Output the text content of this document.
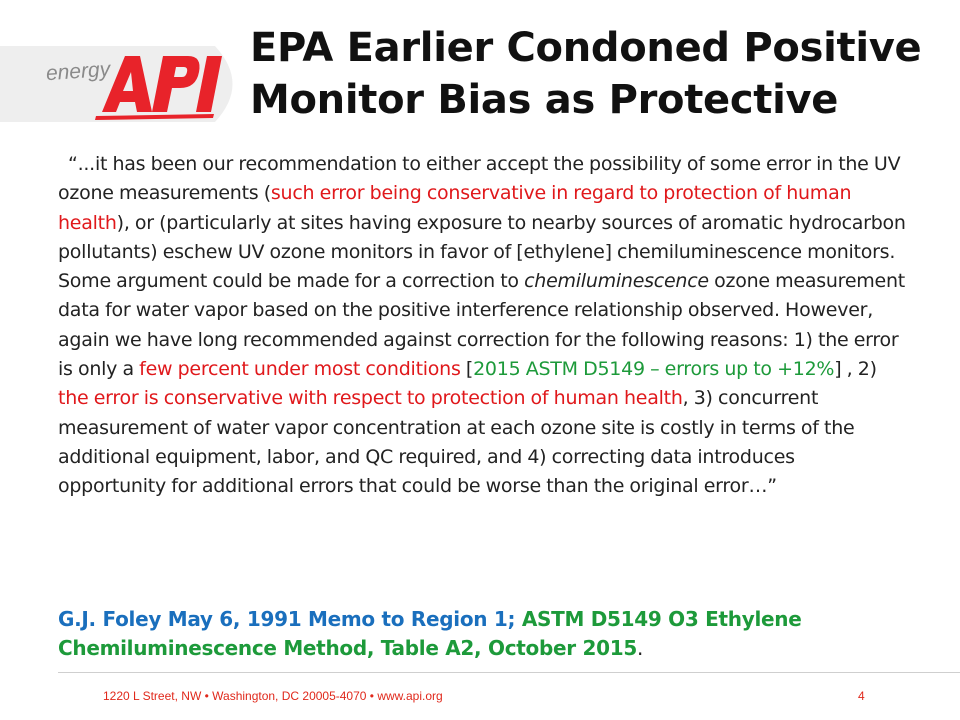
energy
EPA Earlier Condoned Positive
Monitor Bias as Protective

“...it has been our recommendation to either accept the possibility of some error in the UV ozone measurements (such error being conservative in regard to protection of human health), or (particularly at sites having exposure to nearby sources of aromatic hydrocarbon pollutants) eschew UV ozone monitors in favor of [ethylene] chemiluminescence monitors. Some argument could be made for a correction to chemiluminescence ozone measurement data for water vapor based on the positive interference relationship observed. However, again we have long recommended against correction for the following reasons: 1) the error is only a few percent under most conditions [2015 ASTM D5149 – errors up to +12%] , 2) the error is conservative with respect to protection of human health, 3) concurrent measurement of water vapor concentration at each ozone site is costly in terms of the additional equipment, labor, and QC required, and 4) correcting data introduces opportunity for additional errors that could be worse than the original error…”

G.J. Foley May 6, 1991 Memo to Region 1; ASTM D5149 O3 Ethylene Chemiluminescence Method, Table A2, October 2015.

1220 L Street, NW • Washington, DC 20005-4070 • www.api.org	4
